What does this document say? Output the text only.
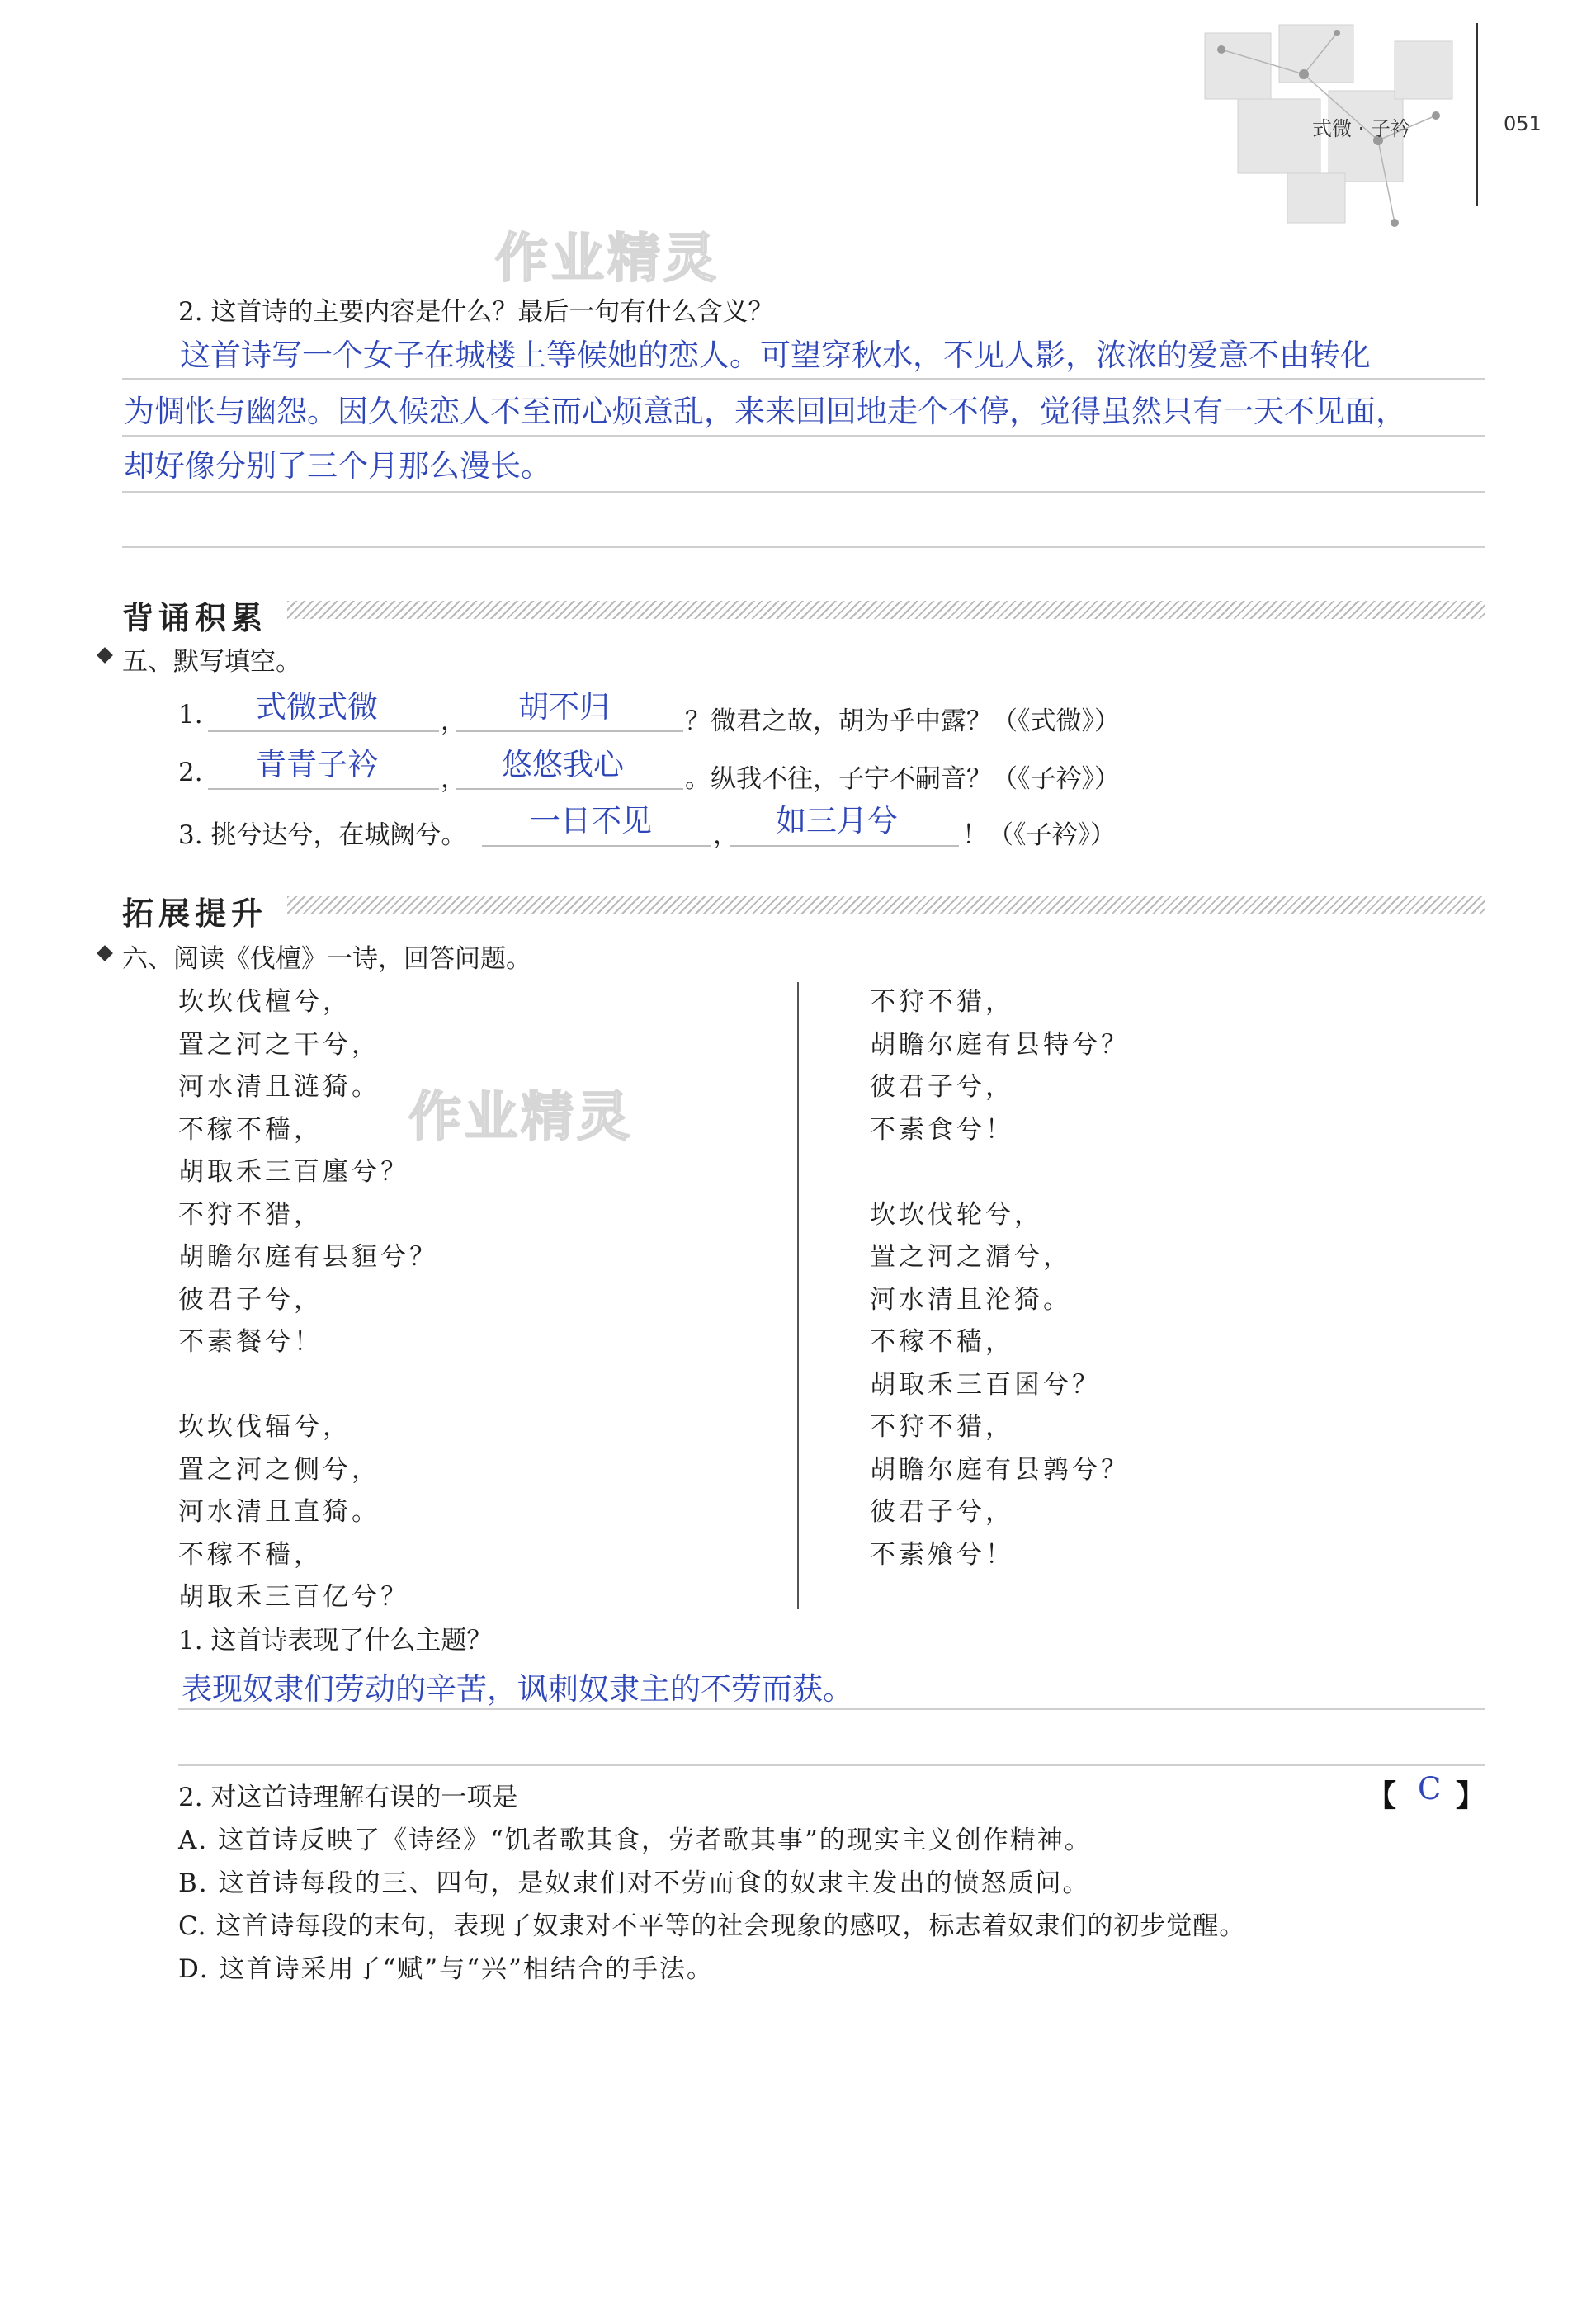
式微 · 子衿	051
作业精灵
作业精灵
2. 这首诗的主要内容是什么？最后一句有什么含义？
这首诗写一个女子在城楼上等候她的恋人。可望穿秋水，不见人影，浓浓的爱意不由转化
为惆怅与幽怨。因久候恋人不至而心烦意乱，来来回回地走个不停，觉得虽然只有一天不见面，
却好像分别了三个月那么漫长。
背诵积累
五、默写填空。
1. 式微式微 ， 胡不归	？微君之故，胡为乎中露？（《式微》）
2. 青青子衿 ， 悠悠我心 。纵我不往，子宁不嗣音？（《子衿》）
3. 挑兮达兮，在城阙兮。 一日不见 ， 如三月兮	！（《子衿》）
拓展提升
六、阅读《伐檀》一诗，回答问题。
坎坎伐檀兮，
置之河之干兮，
河水清且涟猗。
不稼不穑，
胡取禾三百廛兮？
不狩不猎，
胡瞻尔庭有县貆兮？
彼君子兮，
不素餐兮！
坎坎伐辐兮，
置之河之侧兮，
河水清且直猗。
不稼不穑，
胡取禾三百亿兮？
不狩不猎，
胡瞻尔庭有县特兮？
彼君子兮，
不素食兮！
坎坎伐轮兮，
置之河之漘兮，
河水清且沦猗。
不稼不穑，
胡取禾三百囷兮？
不狩不猎，
胡瞻尔庭有县鹑兮？
彼君子兮，
不素飧兮！
1. 这首诗表现了什么主题？
表现奴隶们劳动的辛苦，讽刺奴隶主的不劳而获。
2. 对这首诗理解有误的一项是	【 C 】
A. 这首诗反映了《诗经》“饥者歌其食，劳者歌其事”的现实主义创作精神。
B. 这首诗每段的三、四句，是奴隶们对不劳而食的奴隶主发出的愤怒质问。
C. 这首诗每段的末句，表现了奴隶对不平等的社会现象的感叹，标志着奴隶们的初步觉醒。
D. 这首诗采用了“赋”与“兴”相结合的手法。
